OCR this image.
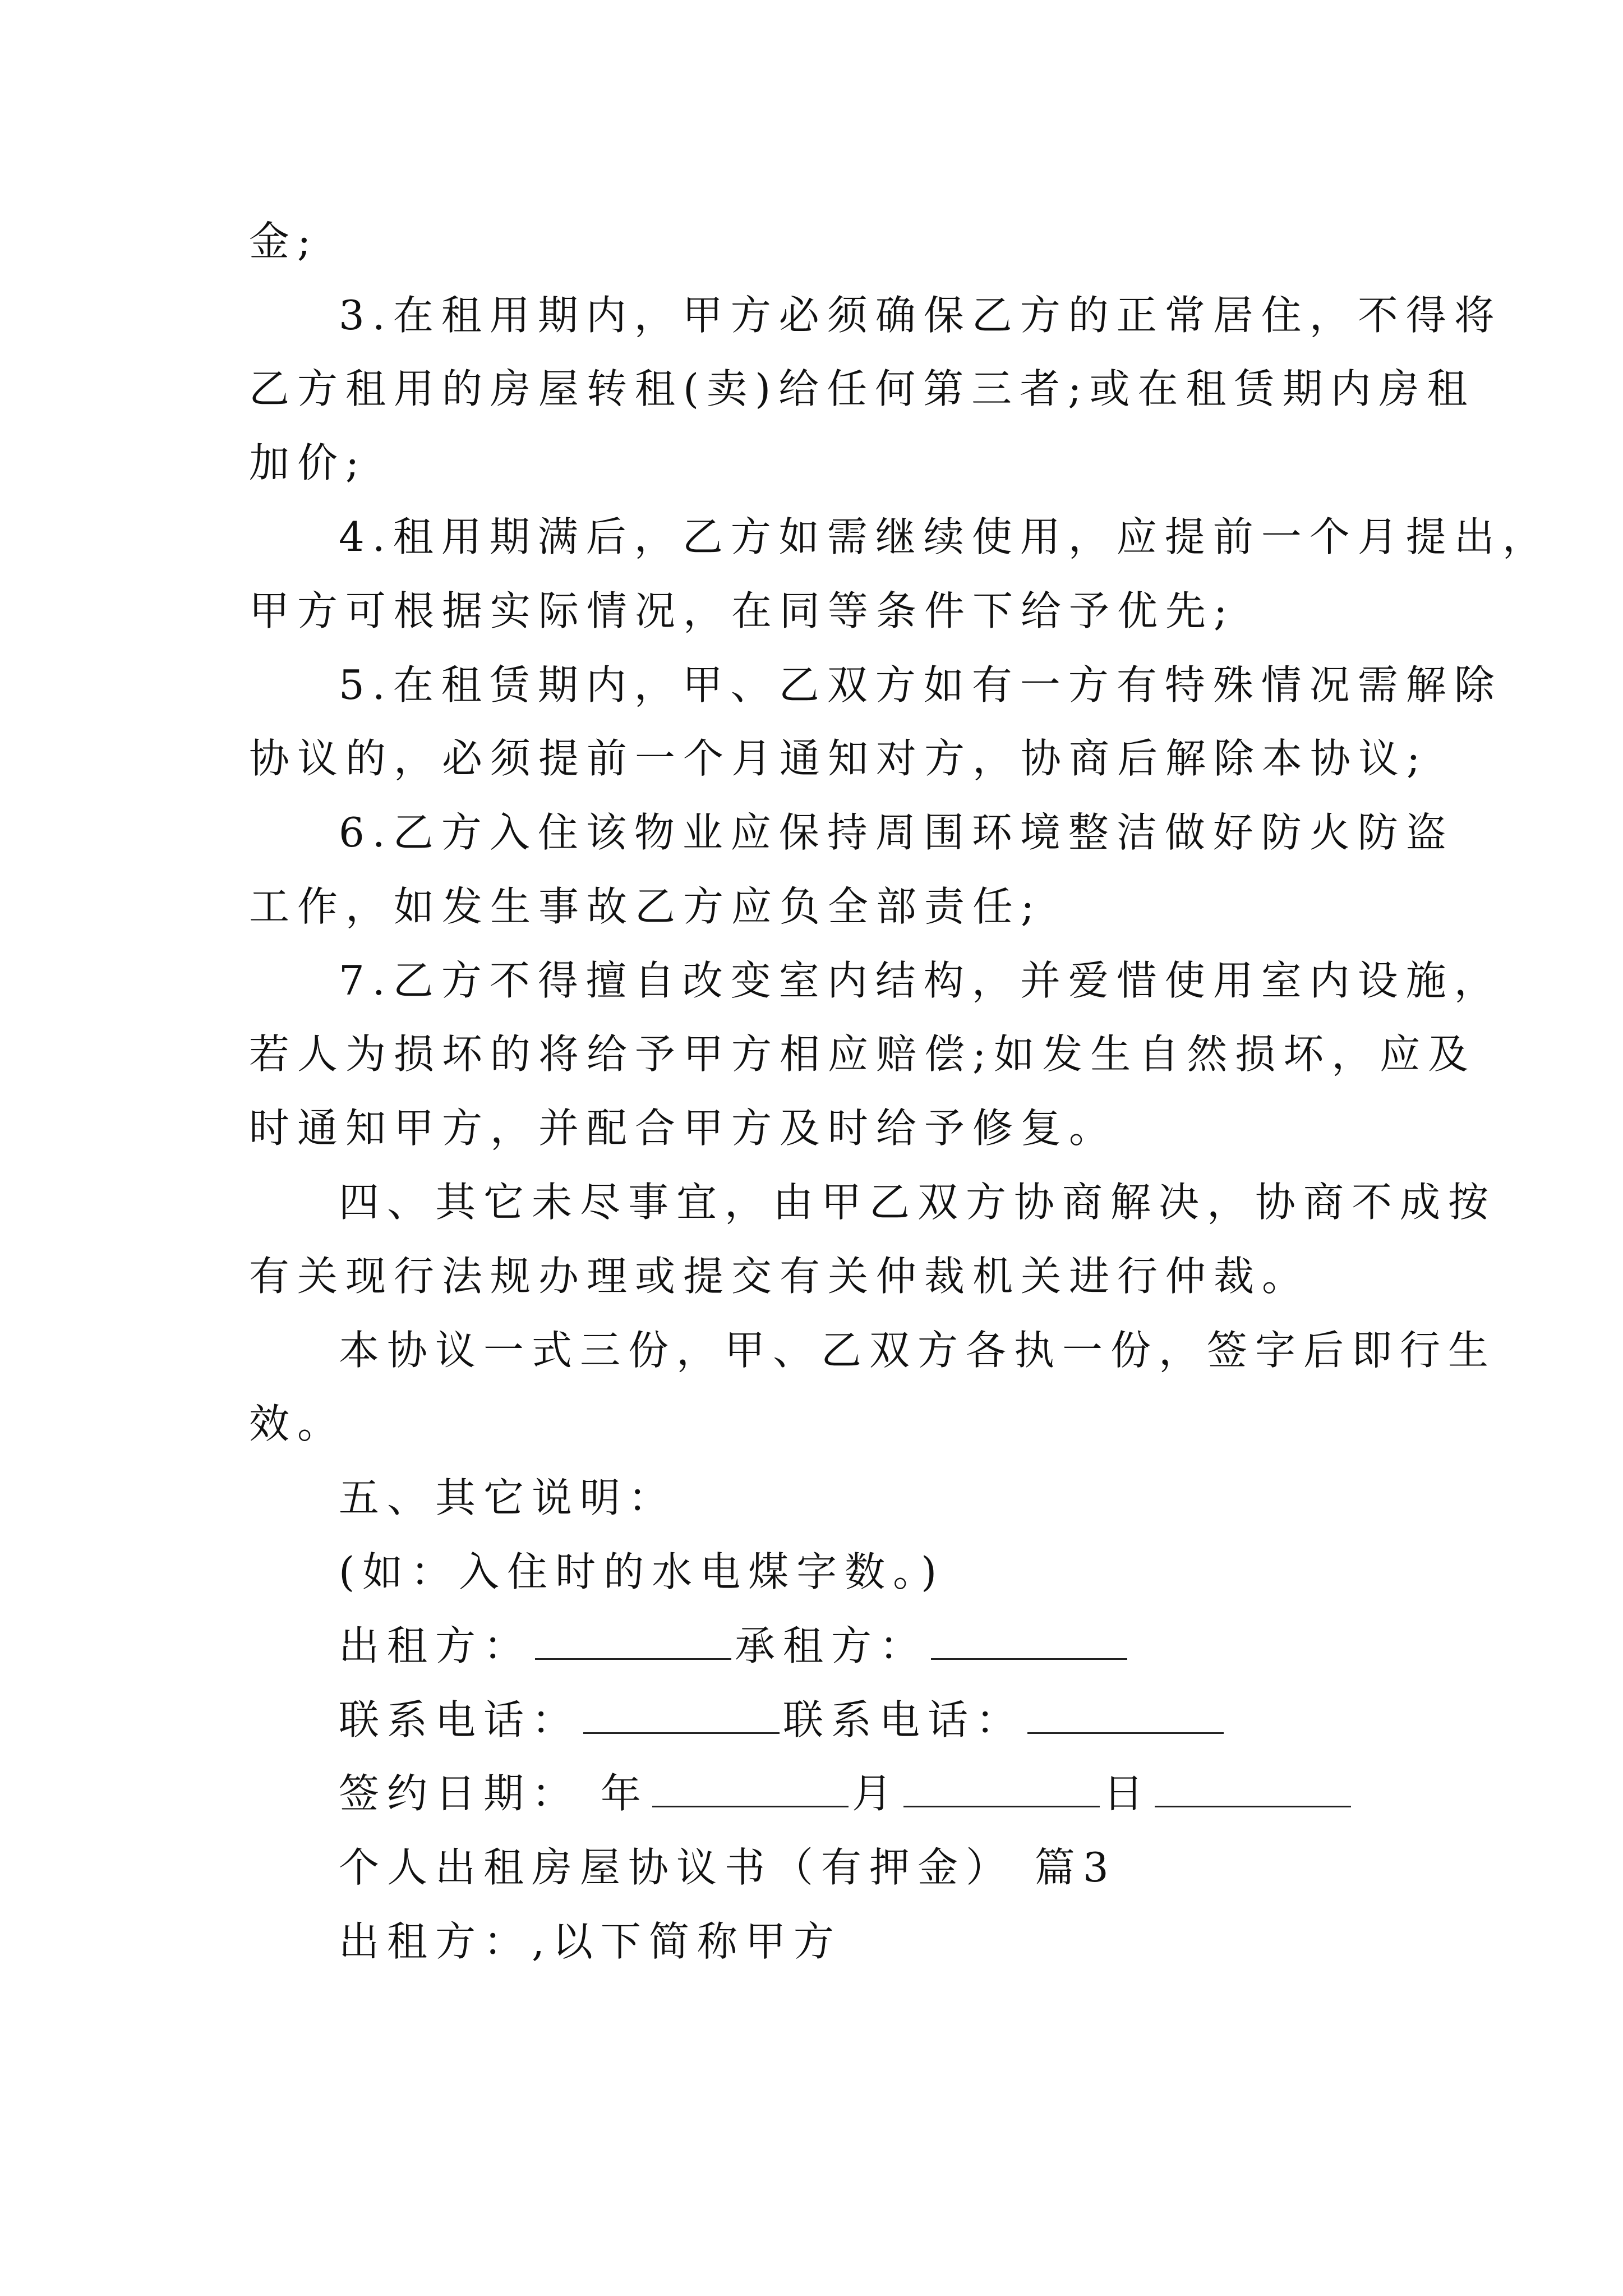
金;
3.在租用期内，甲方必须确保乙方的正常居住，不得将
乙方租用的房屋转租(卖)给任何第三者;或在租赁期内房租
加价;
4.租用期满后，乙方如需继续使用，应提前一个月提出，
甲方可根据实际情况，在同等条件下给予优先;
5.在租赁期内，甲、乙双方如有一方有特殊情况需解除
协议的，必须提前一个月通知对方，协商后解除本协议;
6.乙方入住该物业应保持周围环境整洁做好防火防盗
工作，如发生事故乙方应负全部责任;
7.乙方不得擅自改变室内结构，并爱惜使用室内设施，
若人为损坏的将给予甲方相应赔偿;如发生自然损坏，应及
时通知甲方，并配合甲方及时给予修复。
四、其它未尽事宜，由甲乙双方协商解决，协商不成按
有关现行法规办理或提交有关仲裁机关进行仲裁。
本协议一式三份，甲、乙双方各执一份，签字后即行生
效。
五、其它说明：
(如：入住时的水电煤字数。)
出租方：	承租方：
联系电话：	联系电话：
签约日期： 年	月	日
个人出租房屋协议书（有押金） 篇3
出租方：,以下简称甲方
